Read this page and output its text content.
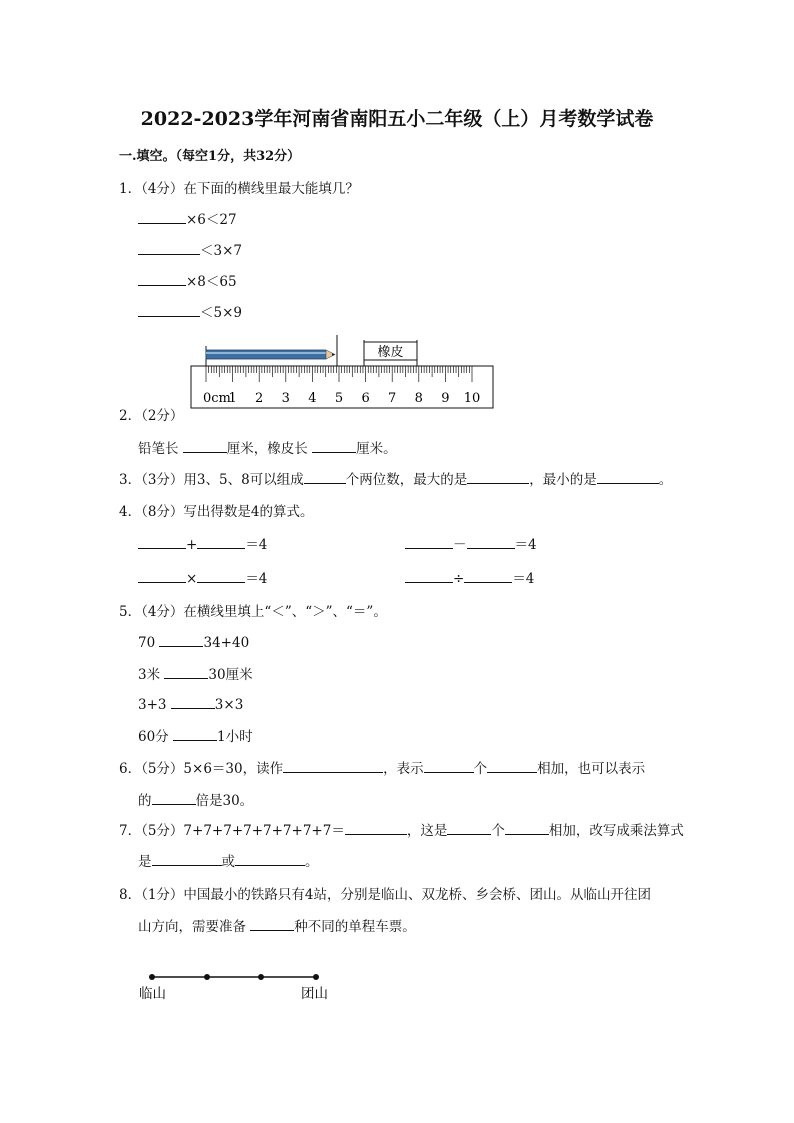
2022-2023学年河南省南阳五小二年级（上）月考数学试卷
一.填空。（每空1分，共32分）
1．（4分）在下面的横线里最大能填几？
×6＜27
＜3×7
×8＜65
＜5×9
橡皮
0cm
1 2 3 4 5 6 7 8 9 10
2．（2分）
铅笔长	厘米，橡皮长	厘米。
3．（3分）用3、5、8可以组成	个两位数，最大的是	，最小的是	。
4．（8分）写出得数是4的算式。
+	＝4	－	＝4
×	＝4	÷	＝4
5．（4分）在横线里填上“＜”、“＞”、“＝”。
70	34+40
3米	30厘米
3+3	3×3
60分	1小时
6．（5分）5×6＝30，读作	，表示	个	相加，也可以表示
的	倍是30。
7．（5分）7+7+7+7+7+7+7+7＝	，这是	个	相加，改写成乘法算式
是	或	。
8．（1分）中国最小的铁路只有4站，分别是临山、双龙桥、乡会桥、团山。从临山开往团
山方向，需要准备	种不同的单程车票。
临山	团山
